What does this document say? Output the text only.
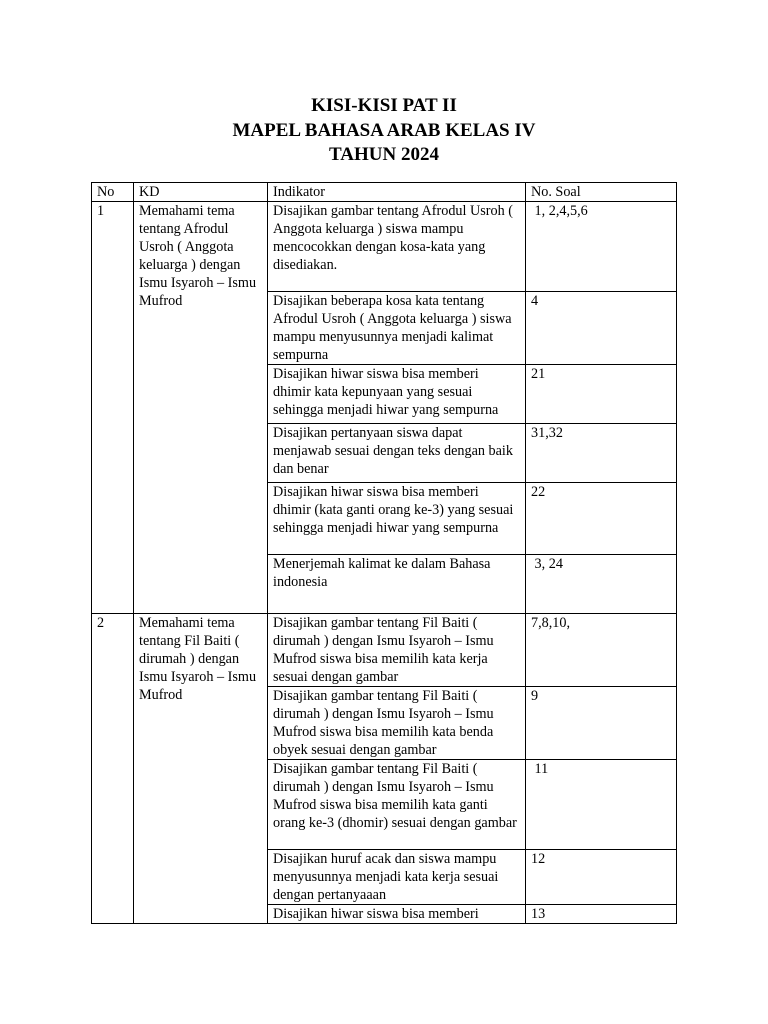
KISI-KISI PAT II

MAPEL BAHASA ARAB KELAS IV

TAHUN 2024

No	KD	Indikator	No. Soal
1	Memahami tema tentang Afrodul Usroh ( Anggota keluarga ) dengan Ismu Isyaroh – Ismu Mufrod	Disajikan gambar tentang Afrodul Usroh ( Anggota keluarga ) siswa mampu mencocokkan dengan kosa-kata yang disediakan.	1, 2,4,5,6
		Disajikan beberapa kosa kata tentang Afrodul Usroh ( Anggota keluarga ) siswa mampu menyusunnya menjadi kalimat sempurna	4
		Disajikan hiwar siswa bisa memberi dhimir kata kepunyaan yang sesuai sehingga menjadi hiwar yang sempurna	21
		Disajikan pertanyaan siswa dapat menjawab sesuai dengan teks dengan baik dan benar	31,32
		Disajikan hiwar siswa bisa memberi dhimir (kata ganti orang ke-3) yang sesuai sehingga menjadi hiwar yang sempurna	22
		Menerjemah kalimat ke dalam Bahasa indonesia	3, 24
2	Memahami tema tentang Fil Baiti ( dirumah ) dengan Ismu Isyaroh – Ismu Mufrod	Disajikan gambar tentang Fil Baiti ( dirumah ) dengan Ismu Isyaroh – Ismu Mufrod siswa bisa memilih kata kerja sesuai dengan gambar	7,8,10,
		Disajikan gambar tentang Fil Baiti ( dirumah ) dengan Ismu Isyaroh – Ismu Mufrod siswa bisa memilih kata benda obyek sesuai dengan gambar	9
		Disajikan gambar tentang Fil Baiti ( dirumah ) dengan Ismu Isyaroh – Ismu Mufrod siswa bisa memilih kata ganti orang ke-3 (dhomir) sesuai dengan gambar	11
		Disajikan huruf acak dan siswa mampu menyusunnya menjadi kata kerja sesuai dengan pertanyaaan	12
		Disajikan hiwar siswa bisa memberi	13
